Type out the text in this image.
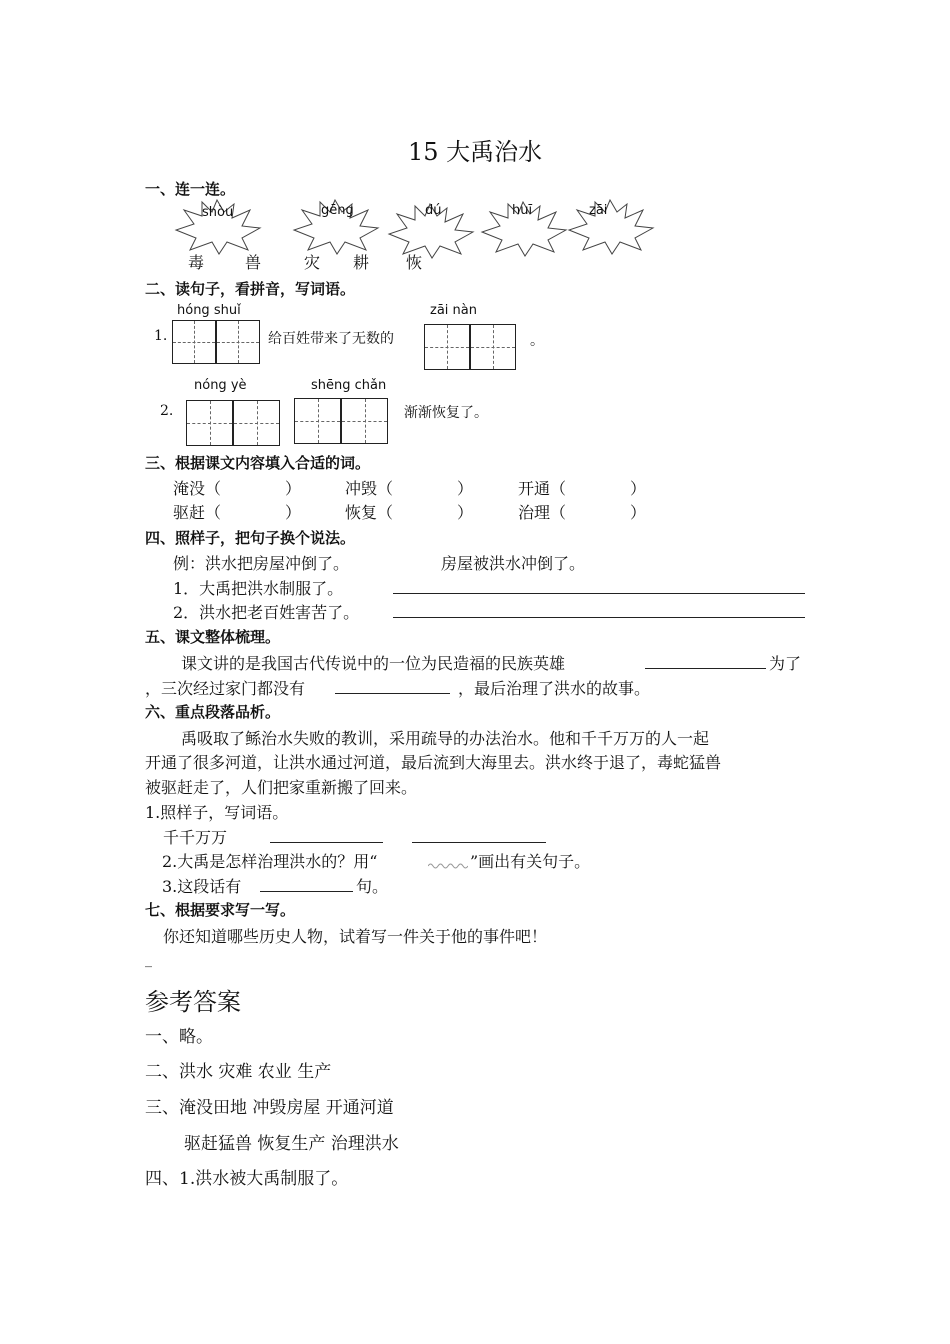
15 大禹治水
一、连一连。
shòu	gēng	dú	huī	zāi
毒	兽	灾 耕 恢
二、读句子，看拼音，写词语。
hóng shuǐ
1.	给百姓带来了无数的
zāi nàn
。
nóng yè	shēng chǎn
2.	渐渐恢复了。
三、根据课文内容填入合适的词。
淹没（　　　　）	冲毁（　　　　）	开通（　　　　）
驱赶（　　　　）	恢复（　　　　）	治理（　　　　）
四、照样子，把句子换个说法。
例：洪水把房屋冲倒了。	房屋被洪水冲倒了。
1．大禹把洪水制服了。
2．洪水把老百姓害苦了。
五、课文整体梳理。
课文讲的是我国古代传说中的一位为民造福的民族英雄	为了
，三次经过家门都没有	，最后治理了洪水的故事。
六、重点段落品析。
禹吸取了鲧治水失败的教训，采用疏导的办法治水。他和千千万万的人一起
开通了很多河道，让洪水通过河道，最后流到大海里去。洪水终于退了，毒蛇猛兽
被驱赶走了，人们把家重新搬了回来。
1.照样子，写词语。
千千万万
2.大禹是怎样治理洪水的？用“	”画出有关句子。
3.这段话有	句。
七、根据要求写一写。
你还知道哪些历史人物，试着写一件关于他的事件吧！
_
参考答案
一、略。
二、洪水 灾难 农业 生产
三、淹没田地 冲毁房屋 开通河道
驱赶猛兽 恢复生产 治理洪水
四、1.洪水被大禹制服了。
